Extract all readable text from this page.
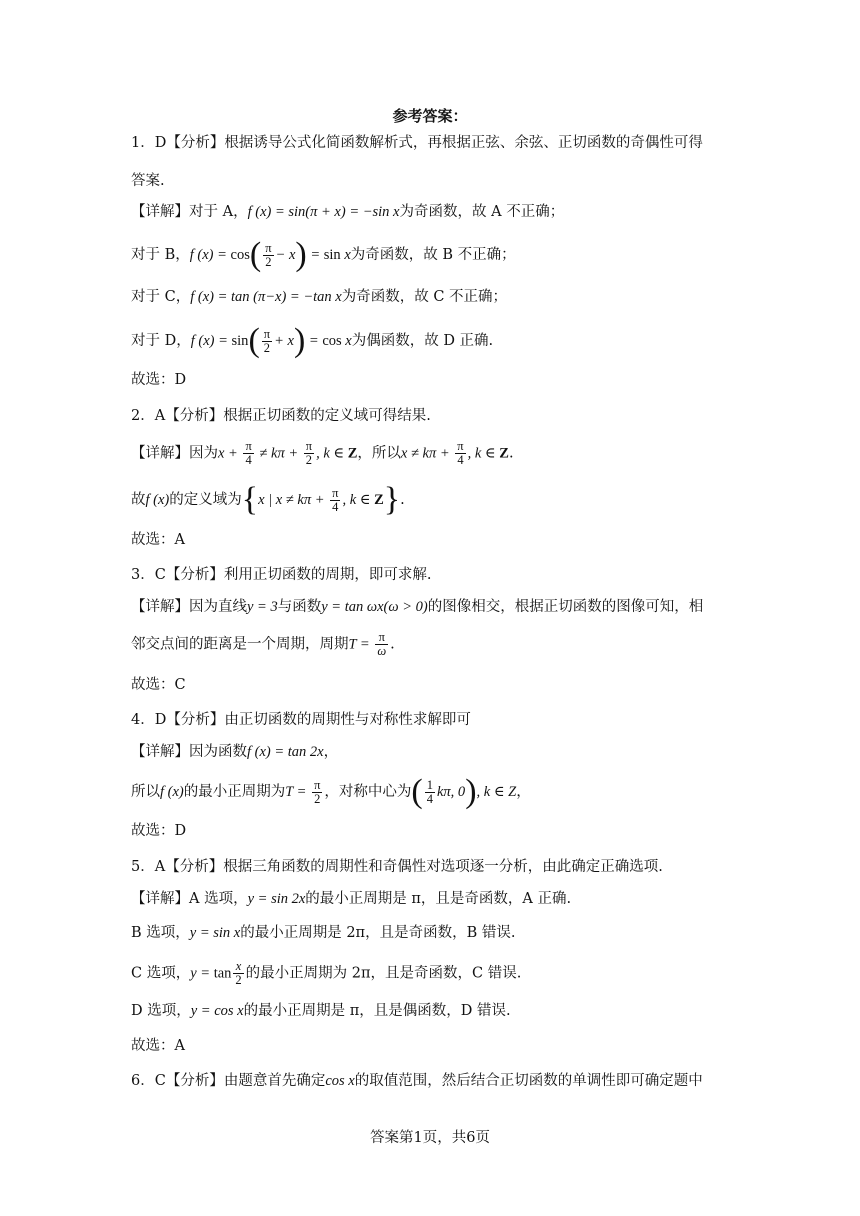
参考答案：
1．D【分析】根据诱导公式化简函数解析式，再根据正弦、余弦、正切函数的奇偶性可得
答案.
【详解】对于 A，f (x) = sin(π + x) = −sin x为奇函数，故 A 不正确；
对于 B，f $(x) = \cos( \frac{\pi}{2} - x) = \sin x$为奇函数，故 B 不正确；
对于 C，f (x) = tan (π−x) = −tan x为奇函数，故 C 不正确；
对于 D，f $(x) = \sin( \frac{\pi}{2} + x) = \cos x$为偶函数，故 D 正确.
故选：D
2．A【分析】根据正切函数的定义域可得结果.
【详解】因为$x + \frac{\pi}{4} \ne k\pi + \frac{\pi}{2}$ , k ∈ Z，所以$x \ne k\pi + \frac{\pi}{4}$ , k ∈ Z.
故f (x)的定义域为{x | $x \ne k\pi + \frac{\pi}{4}$ , k ∈ Z}.
故选：A
3．C【分析】利用正切函数的周期，即可求解.
【详解】因为直线y = 3与函数y = tan ωx(ω > 0)的图像相交，根据正切函数的图像可知，相
邻交点间的距离是一个周期，周期$T = \frac{\pi}{\omega}$ .
故选：C
4．D【分析】由正切函数的周期性与对称性求解即可
【详解】因为函数f (x) = tan 2x，
所以f (x)的最小正周期为$T = \frac{\pi}{2}$ ，对称中心为( $\frac{1}{4} k\pi$, 0), k ∈ Z，
故选：D
5．A【分析】根据三角函数的周期性和奇偶性对选项逐一分析，由此确定正确选项.
【详解】A 选项，y = sin 2x的最小正周期是 π，且是奇函数，A 正确.
B 选项，y = sin x的最小正周期是 2π，且是奇函数，B 错误.
C 选项，$y = \tan \frac{x}{2}$ 的最小正周期为 2π，且是奇函数，C 错误.
D 选项，y = cos x的最小正周期是 π，且是偶函数，D 错误.
故选：A
6．C【分析】由题意首先确定cos x的取值范围，然后结合正切函数的单调性即可确定题中
答案第1页，共6页
